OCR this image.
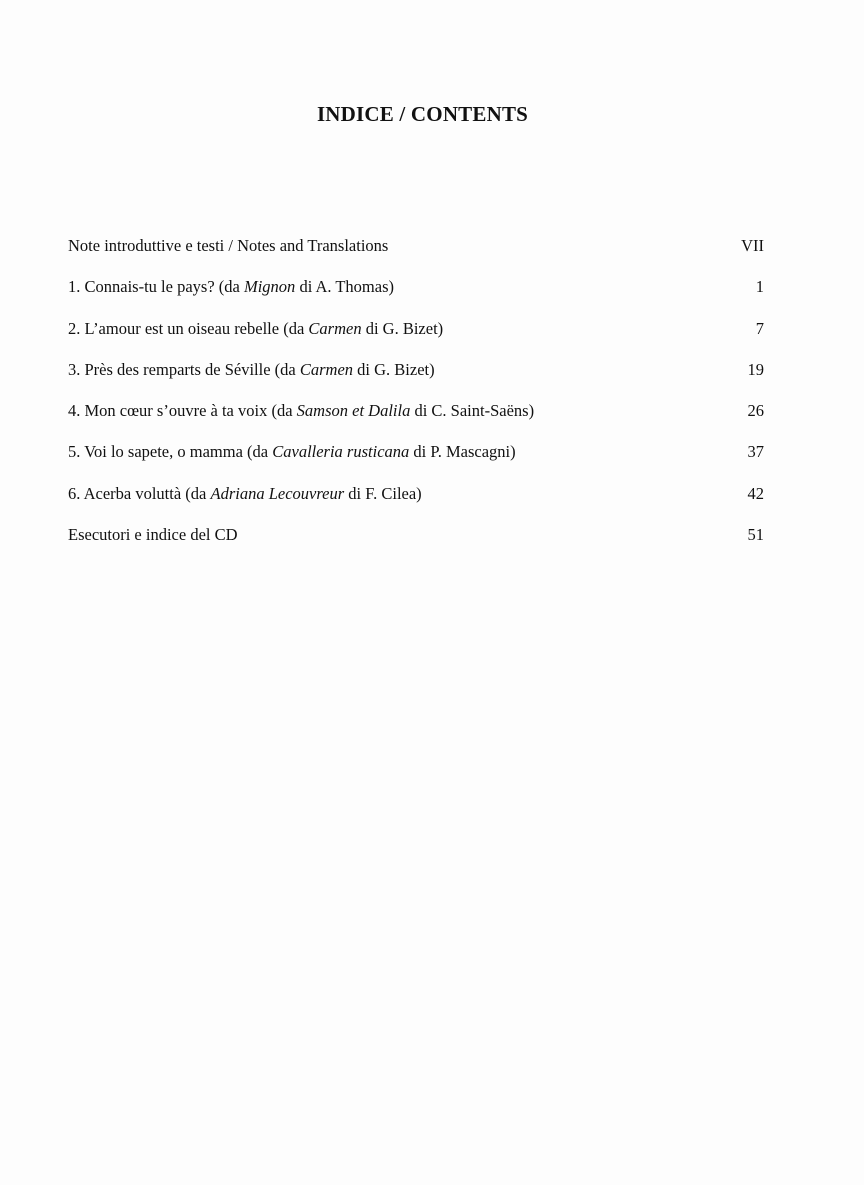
INDICE / CONTENTS
Note introduttive e testi / Notes and Translations	VII
1. Connais-tu le pays? (da Mignon di A. Thomas)	1
2. L’amour est un oiseau rebelle (da Carmen di G. Bizet)	7
3. Près des remparts de Séville (da Carmen di G. Bizet)	19
4. Mon cœur s’ouvre à ta voix (da Samson et Dalila di C. Saint-Saëns)	26
5. Voi lo sapete, o mamma (da Cavalleria rusticana di P. Mascagni)	37
6. Acerba voluttà (da Adriana Lecouvreur di F. Cilea)	42
Esecutori e indice del CD	51
